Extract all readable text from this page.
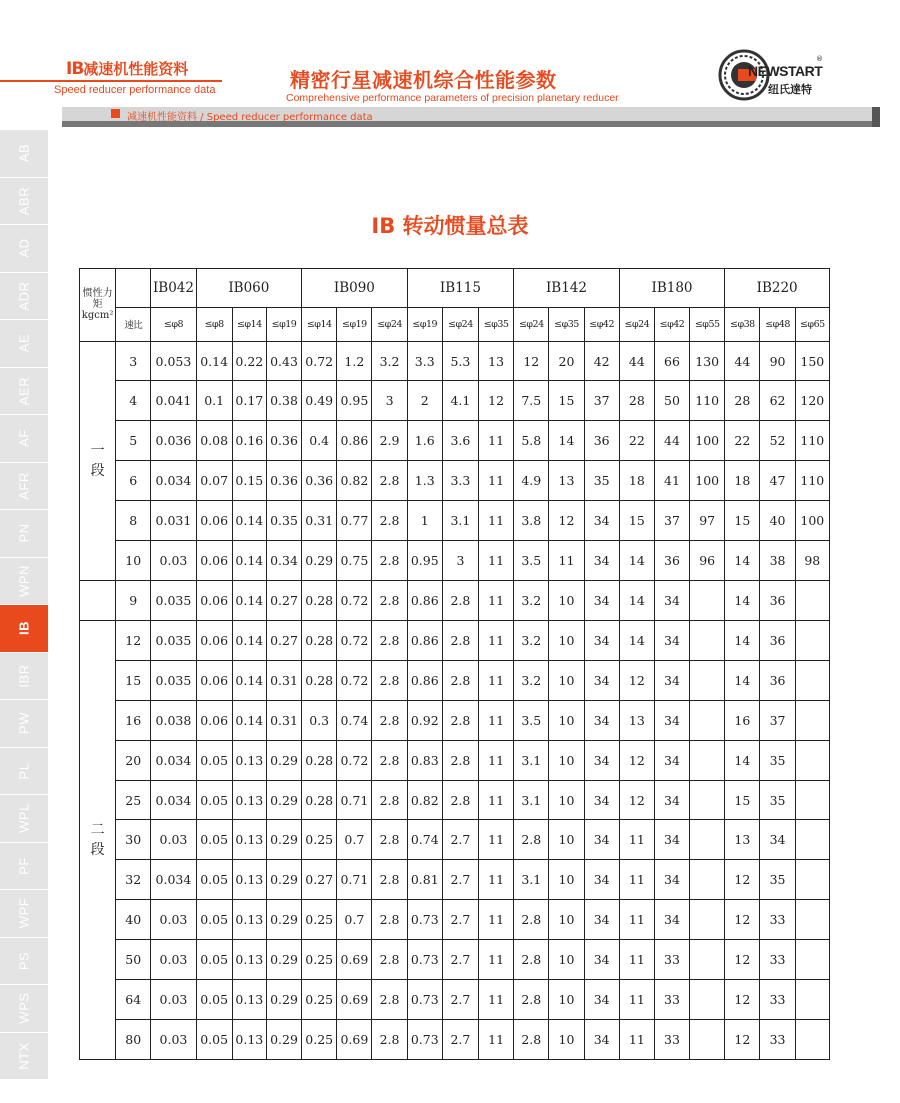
IB减速机性能资料
Speed reducer performance data	精密行星减速机综合性能参数
Comprehensive performance parameters of precision planetary reducer
NEWSTART
®
纽氏達特
减速机性能资料 / Speed reducer performance data
AB
ABR
AD
ADR
AE
AER
AF
AFR
PN
WPN
IB
IBR
PW
PL
WPL
PF
WPF
PS
WPS
NTX
IB 转动惯量总表
惯性力矩
kgcm²		IB042	IB060			IB090			IB115			IB142			IB180			IB220		
	速比	≤φ8	≤φ8	≤φ14	≤φ19	≤φ14	≤φ19	≤φ24	≤φ19	≤φ24	≤φ35	≤φ24	≤φ35	≤φ42	≤φ24	≤φ42	≤φ55	≤φ38	≤φ48	≤φ65

一段	3	0.053	0.14	0.22	0.43	0.72	1.2	3.2	3.3	5.3	13	12	20	42	44	66	130	44	90	150
	4	0.041	0.1	0.17	0.38	0.49	0.95	3	2	4.1	12	7.5	15	37	28	50	110	28	62	120
	5	0.036	0.08	0.16	0.36	0.4	0.86	2.9	1.6	3.6	11	5.8	14	36	22	44	100	22	52	110
	6	0.034	0.07	0.15	0.36	0.36	0.82	2.8	1.3	3.3	11	4.9	13	35	18	41	100	18	47	110
	8	0.031	0.06	0.14	0.35	0.31	0.77	2.8	1	3.1	11	3.8	12	34	15	37	97	15	40	100
	10	0.03	0.06	0.14	0.34	0.29	0.75	2.8	0.95	3	11	3.5	11	34	14	36	96	14	38	98
	9	0.035	0.06	0.14	0.27	0.28	0.72	2.8	0.86	2.8	11	3.2	10	34	14	34		14	36	

二段	12	0.035	0.06	0.14	0.27	0.28	0.72	2.8	0.86	2.8	11	3.2	10	34	14	34		14	36	
	15	0.035	0.06	0.14	0.31	0.28	0.72	2.8	0.86	2.8	11	3.2	10	34	12	34		14	36	
	16	0.038	0.06	0.14	0.31	0.3	0.74	2.8	0.92	2.8	11	3.5	10	34	13	34		16	37	
	20	0.034	0.05	0.13	0.29	0.28	0.72	2.8	0.83	2.8	11	3.1	10	34	12	34		14	35	
	25	0.034	0.05	0.13	0.29	0.28	0.71	2.8	0.82	2.8	11	3.1	10	34	12	34		15	35	
	30	0.03	0.05	0.13	0.29	0.25	0.7	2.8	0.74	2.7	11	2.8	10	34	11	34		13	34	
	32	0.034	0.05	0.13	0.29	0.27	0.71	2.8	0.81	2.7	11	3.1	10	34	11	34		12	35	
	40	0.03	0.05	0.13	0.29	0.25	0.7	2.8	0.73	2.7	11	2.8	10	34	11	34		12	33	
	50	0.03	0.05	0.13	0.29	0.25	0.69	2.8	0.73	2.7	11	2.8	10	34	11	33		12	33	
	64	0.03	0.05	0.13	0.29	0.25	0.69	2.8	0.73	2.7	11	2.8	10	34	11	33		12	33	
	80	0.03	0.05	0.13	0.29	0.25	0.69	2.8	0.73	2.7	11	2.8	10	34	11	33		12	33	
